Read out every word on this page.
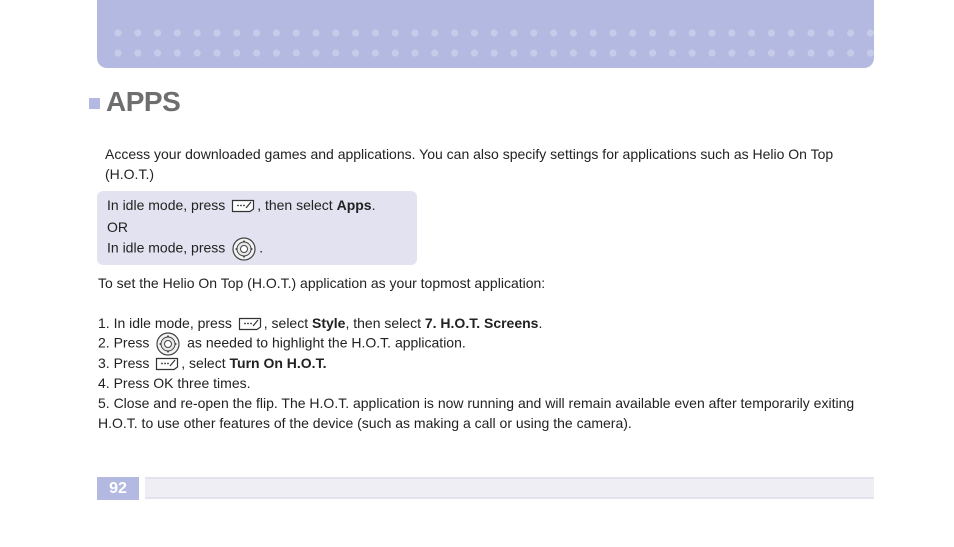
APPS
Access your downloaded games and applications. You can also specify settings for applications such as Helio On Top
(H.O.T.)
In idle mode, press , then select Apps.
OR
In idle mode, press .
To set the Helio On Top (H.O.T.) application as your topmost application:
1. In idle mode, press , select Style, then select 7. H.O.T. Screens.
2. Press  as needed to highlight the H.O.T. application.
3. Press , select Turn On H.O.T.
4. Press OK three times.
5. Close and re-open the flip. The H.O.T. application is now running and will remain available even after temporarily exiting
H.O.T. to use other features of the device (such as making a call or using the camera).
92
